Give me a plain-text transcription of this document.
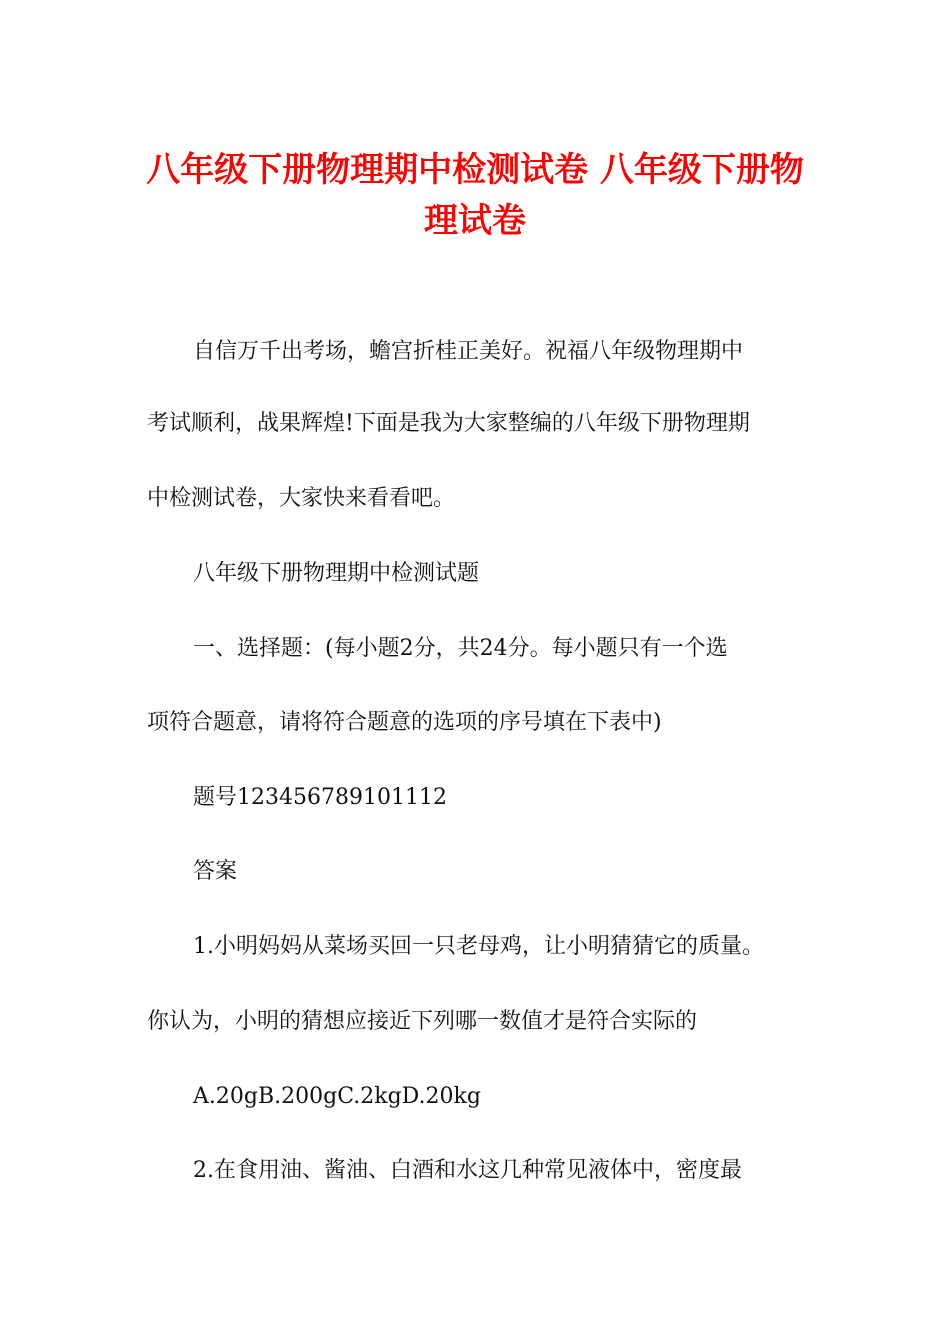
八年级下册物理期中检测试卷 八年级下册物
理试卷

自信万千出考场，蟾宫折桂正美好。祝福八年级物理期中

考试顺利，战果辉煌!下面是我为大家整编的八年级下册物理期

中检测试卷，大家快来看看吧。

八年级下册物理期中检测试题

一、选择题：(每小题2分，共24分。每小题只有一个选

项符合题意，请将符合题意的选项的序号填在下表中)

题号123456789101112

答案

1.小明妈妈从菜场买回一只老母鸡，让小明猜猜它的质量。

你认为，小明的猜想应接近下列哪一数值才是符合实际的

A.20gB.200gC.2kgD.20kg

2.在食用油、酱油、白酒和水这几种常见液体中，密度最
